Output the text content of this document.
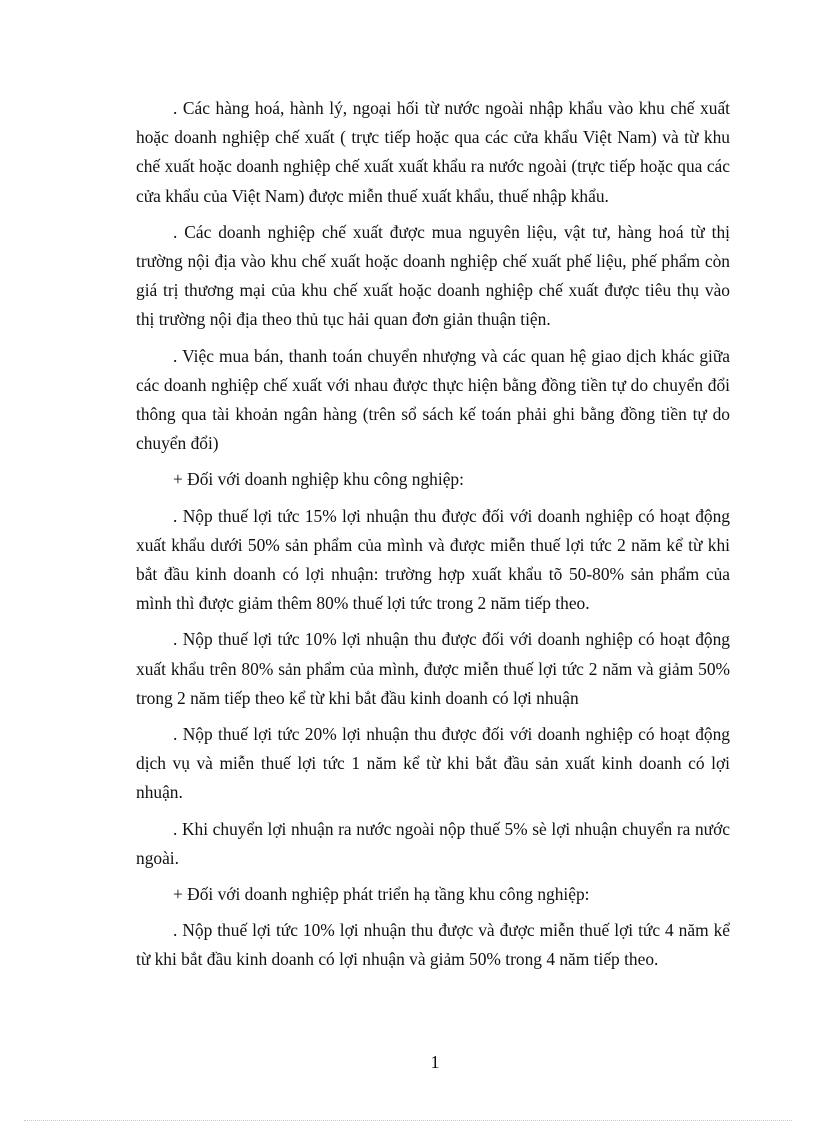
. Các hàng hoá, hành lý, ngoại hối từ nước ngoài nhập khẩu vào khu chế xuất hoặc doanh nghiệp chế xuất ( trực tiếp hoặc qua các cửa khẩu Việt Nam) và từ khu chế xuất hoặc doanh nghiệp chế xuất xuất khẩu ra nước ngoài (trực tiếp hoặc qua các cửa khẩu của Việt Nam) được miễn thuế xuất khẩu, thuế nhập khẩu.

. Các doanh nghiệp chế xuất được mua nguyên liệu, vật tư, hàng hoá từ thị trường nội địa vào khu chế xuất hoặc doanh nghiệp chế xuất phế liệu, phế phẩm còn giá trị thương mại của khu chế xuất hoặc doanh nghiệp chế xuất được tiêu thụ vào thị trường nội địa theo thủ tục hải quan đơn giản thuận tiện.

. Việc mua bán, thanh toán chuyển nhượng và các quan hệ giao dịch khác giữa các doanh nghiệp chế xuất với nhau được thực hiện bằng đồng tiền tự do chuyển đổi thông qua tài khoản ngân hàng (trên sổ sách kế toán phải ghi bằng đồng tiền tự do chuyển đổi)

+ Đối với doanh nghiệp khu công nghiệp:

. Nộp thuế lợi tức 15% lợi nhuận thu được đối với doanh nghiệp có hoạt động xuất khẩu dưới 50% sản phẩm của mình và được miễn thuế lợi tức 2 năm kể từ khi bắt đầu kinh doanh có lợi nhuận: trường hợp xuất khẩu tõ 50-80% sản phẩm của mình thì được giảm thêm 80% thuế lợi tức trong 2 năm tiếp theo.

. Nộp thuế lợi tức 10% lợi nhuận thu được đối với doanh nghiệp có hoạt động xuất khẩu trên 80% sản phẩm của mình, được miễn thuế lợi tức 2 năm và giảm 50% trong 2 năm tiếp theo kể từ khi bắt đầu kinh doanh có lợi nhuận

. Nộp thuế lợi tức 20% lợi nhuận thu được đối với doanh nghiệp có hoạt động dịch vụ và miễn thuế lợi tức 1 năm kể từ khi bắt đầu sản xuất kinh doanh có lợi nhuận.

. Khi chuyển lợi nhuận ra nước ngoài nộp thuế 5% sè lợi nhuận chuyển ra nước ngoài.

+ Đối với doanh nghiệp phát triển hạ tầng khu công nghiệp:

. Nộp thuế lợi tức 10% lợi nhuận thu được và được miễn thuế lợi tức 4 năm kể từ khi bắt đầu kinh doanh có lợi nhuận và giảm 50% trong 4 năm tiếp theo.

1
